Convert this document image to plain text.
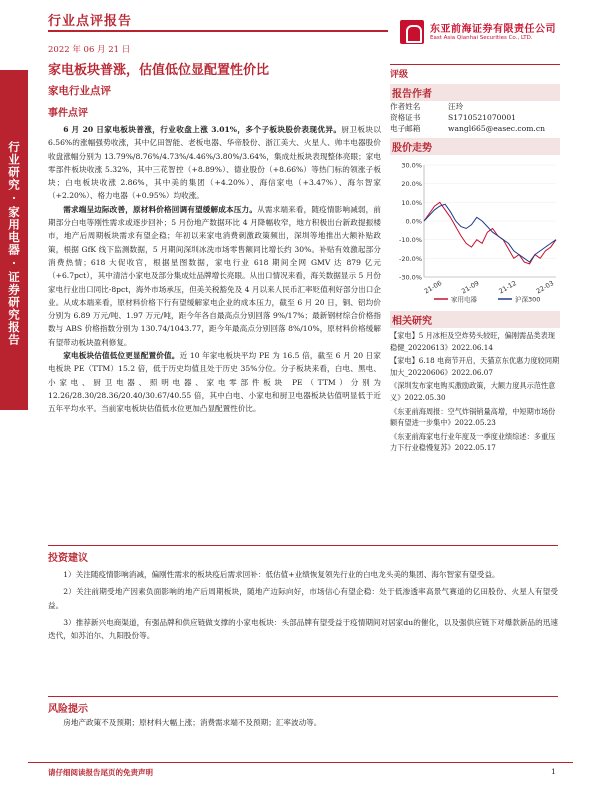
行业点评报告
2022 年 06 月 21 日
东亚前海证券有限责任公司
East Asia Qianhai Securities Co., LTD.
行业研究·家用电器·证券研究报告
家电板块普涨，估值低位显配置性价比
家电行业点评
事件点评

6 月 20 日家电板块普涨，行业收盘上涨 3.01%，多个子板块股价表现优异。厨卫板块以 6.56%的涨幅强势收涨，其中亿田智能、老板电器、华帝股份、浙江美大、火星人、帅丰电器股价收盘涨幅分别为 13.79%/8.76%/4.73%/4.46%/3.80%/3.64%，集成灶板块表现整体亮眼；家电零部件板块收涨 5.32%，其中三花智控（+8.89%）、德业股份（+8.66%）等热门标的领涨子板块；白电板块收涨 2.86%，其中美的集团（+4.20%）、海信家电（+3.47%）、海尔智家（+2.20%）、格力电器（+0.95%）均收涨。

需求端呈边际改善，原材料价格回调有望缓解成本压力。从需求端来看，随疫情影响减弱，前期部分白电等刚性需求或逐步回补；5 月份地产数据环比 4 月降幅收窄，地方积极出台新政提振楼市，地产后周期板块需求有望企稳；年初以来家电消费刺激政策频出，深圳等地推出大额补贴政策，根据 GfK 线下监测数据，5 月期间深圳冰洗市场零售额同比增长约 30%。补贴有效激起部分消费热情；618 大促收官，根据星图数据，家电行业 618 期间全网 GMV 达 879 亿元（+6.7pct），其中清洁小家电及部分集成灶品牌增长亮眼。从出口情况来看，海关数据显示 5 月份家电行业出口同比-8pct，海外市场承压，但美关税豁免及 4 月以来人民币汇率贬值利好部分出口企业。从成本端来看，原材料价格下行有望缓解家电企业的成本压力，截至 6 月 20 日，铜、铝均价分别为 6.89 万元/吨、1.97 万元/吨，距今年各自最高点分别回落 9%/17%；最新钢材综合价格指数与 ABS 价格指数分别为 130.74/1043.77，距今年最高点分别回落 8%/10%，原材料价格缓解有望带动板块盈利修复。

家电板块估值低位更显配置价值。近 10 年家电板块平均 PE 为 16.5 倍，截至 6 月 20 日家电板块 PE（TTM）15.2 倍，低于历史均值且处于历史 35%分位。分子板块来看，白电、黑电、小家电、厨卫电器、照明电器、家电零部件板块 PE（TTM）分别为 12.26/28.30/28.36/20.40/30.67/40.55 倍，其中白电、小家电和厨卫电器板块估值明显低于近五年平均水平。当前家电板块估值低水位更加凸显配置性价比。

投资建议

1）关注随疫情影响消减，偏刚性需求的板块疫后需求回补：低估值+业绩恢复领先行业的白电龙头美的集团、海尔智家有望受益。

2）关注前期受地产因素负面影响的地产后周期板块，随地产边际向好，市场信心有望企稳：处于低渗透率高景气赛道的亿田股份、火星人有望受益。

3）推荐新兴电商渠道，有强品牌和供应链做支撑的小家电板块：头部品牌有望受益于疫情期间对居家du的催化，以及强供应链下对爆款新品的迅速迭代，如苏泊尔、九阳股份等。

风险提示

房地产政策不及预期；原材料大幅上涨；消费需求端不及预期；汇率波动等。

评级
报告作者
作者姓名	汪玲
资格证书	S1710521070001
电子邮箱	wangl665@easec.com.cn
股价走势
30.0%
20.0%
10.0%
0.0%
-10.0%
-20.0%
-30.0%
21-06	21-09	21-12	22-03
家用电器	沪深300
相关研究
【家电】5 月冰柜及空炸势头较旺，偏刚需品类表现稳健_20220613》2022.06.14
【家电】6.18 电商节开启，天猫京东优惠力度较同期加大_20220606》2022.06.07
《深圳发布家电购买激励政策，大额力度具示范性意义》2022.05.30
《东亚前海周报：空气炸锅销量高增，中短期市场份额有望进一步集中》2022.05.23
《东亚前海家电行业年度及一季度业绩综述：多重压力下行业稳慢复苏》2022.05.17
请仔细阅读报告尾页的免责声明	1
